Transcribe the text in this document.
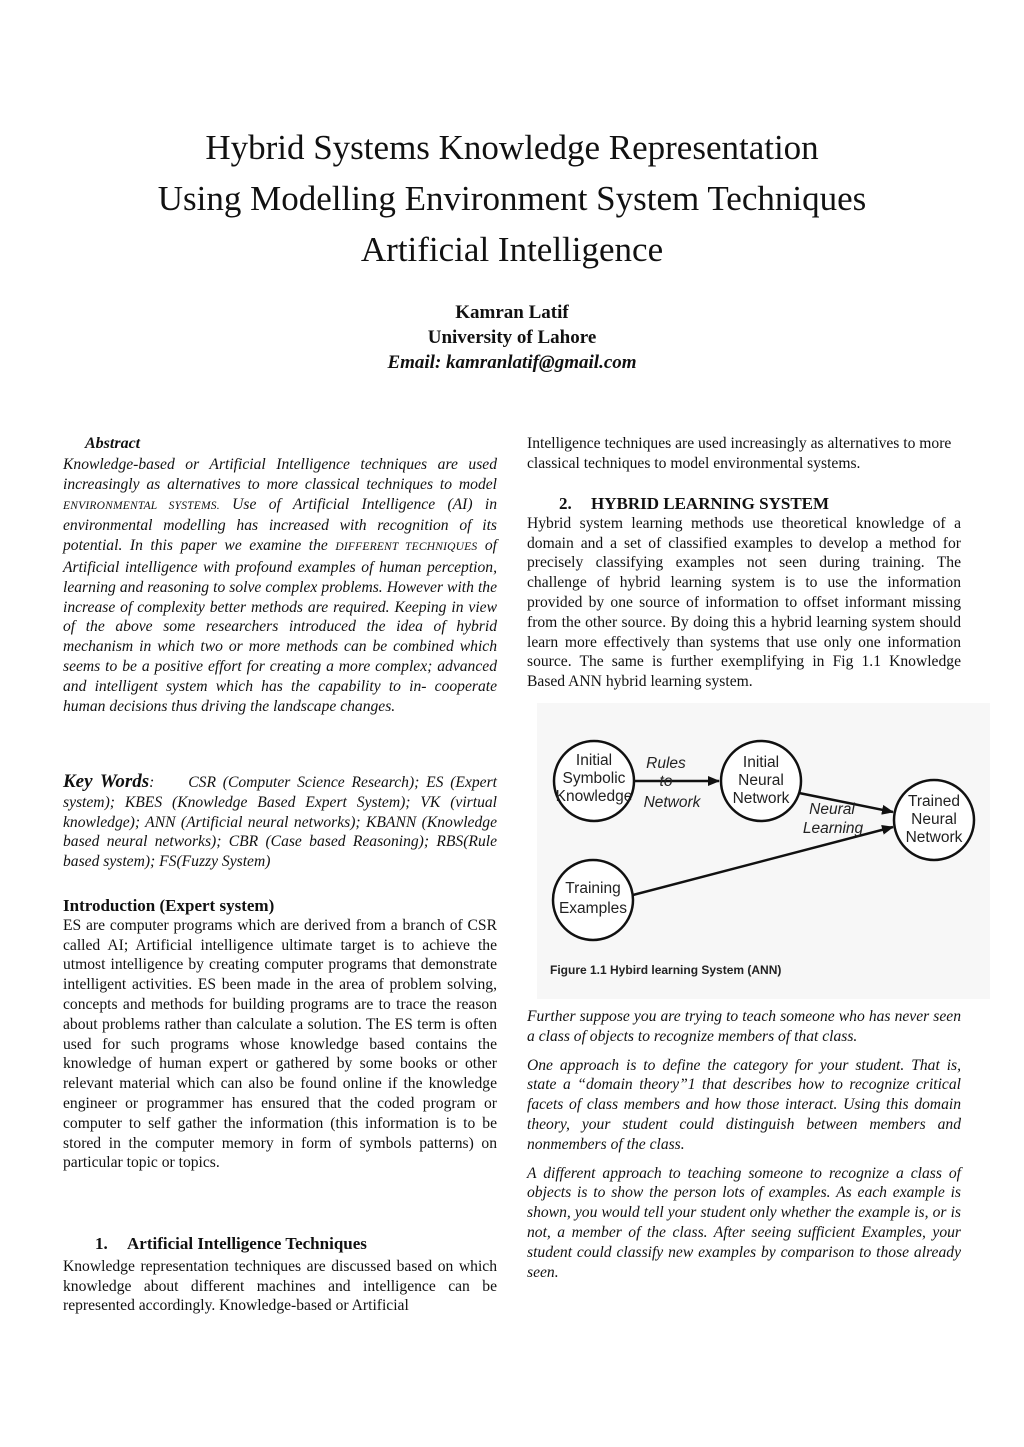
Hybrid Systems Knowledge Representation
Using Modelling Environment System Techniques
Artificial Intelligence
Kamran Latif
University of Lahore
Email: kamranlatif@gmail.com
Abstract

Knowledge-based or Artificial Intelligence techniques are used increasingly as alternatives to more classical techniques to model ENVIRONMENTAL SYSTEMS. Use of Artificial Intelligence (AI) in environmental modelling has increased with recognition of its potential. In this paper we examine the DIFFERENT TECHNIQUES of Artificial intelligence with profound examples of human perception, learning and reasoning to solve complex problems. However with the increase of complexity better methods are required. Keeping in view of the above some researchers introduced the idea of hybrid mechanism in which two or more methods can be combined which seems to be a positive effort for creating a more complex; advanced and intelligent system which has the capability to in- cooperate human decisions thus driving the landscape changes.

Key Words: CSR (Computer Science Research); ES (Expert system); KBES (Knowledge Based Expert System); VK (virtual knowledge); ANN (Artificial neural networks); KBANN (Knowledge based neural networks); CBR (Case based Reasoning); RBS(Rule based system); FS(Fuzzy System)

Introduction (Expert system)

ES are computer programs which are derived from a branch of CSR called AI; Artificial intelligence ultimate target is to achieve the utmost intelligence by creating computer programs that demonstrate intelligent activities. ES been made in the area of problem solving, concepts and methods for building programs are to trace the reason about problems rather than calculate a solution. The ES term is often used for such programs whose knowledge based contains the knowledge of human expert or gathered by some books or other relevant material which can also be found online if the knowledge engineer or programmer has ensured that the coded program or computer to self gather the information (this information is to be stored in the computer memory in form of symbols patterns) on particular topic or topics.

1. Artificial Intelligence Techniques

Knowledge representation techniques are discussed based on which knowledge about different machines and intelligence can be represented accordingly. Knowledge-based or Artificial

Intelligence techniques are used increasingly as alternatives to more classical techniques to model environmental systems.

2. HYBRID LEARNING SYSTEM

Hybrid system learning methods use theoretical knowledge of a domain and a set of classified examples to develop a method for precisely classifying examples not seen during training. The challenge of hybrid learning system is to use the information provided by one source of information to offset informant missing from the other source. By doing this a hybrid learning system should learn more effectively than systems that use only one information source. The same is further exemplifying in Fig 1.1 Knowledge Based ANN hybrid learning system.

Initial
Symbolic
Knowledge
Initial
Neural
Network	Trained
Neural
Network
Training
Examples
Rules
to
Network	Neural
Learning
Figure 1.1 Hybird learning System (ANN)

Further suppose you are trying to teach someone who has never seen a class of objects to recognize members of that class.

One approach is to define the category for your student. That is, state a “domain theory”1 that describes how to recognize critical facets of class members and how those interact. Using this domain theory, your student could distinguish between members and nonmembers of the class.

A different approach to teaching someone to recognize a class of objects is to show the person lots of examples. As each example is shown, you would tell your student only whether the example is, or is not, a member of the class. After seeing sufficient Examples, your student could classify new examples by comparison to those already seen.
